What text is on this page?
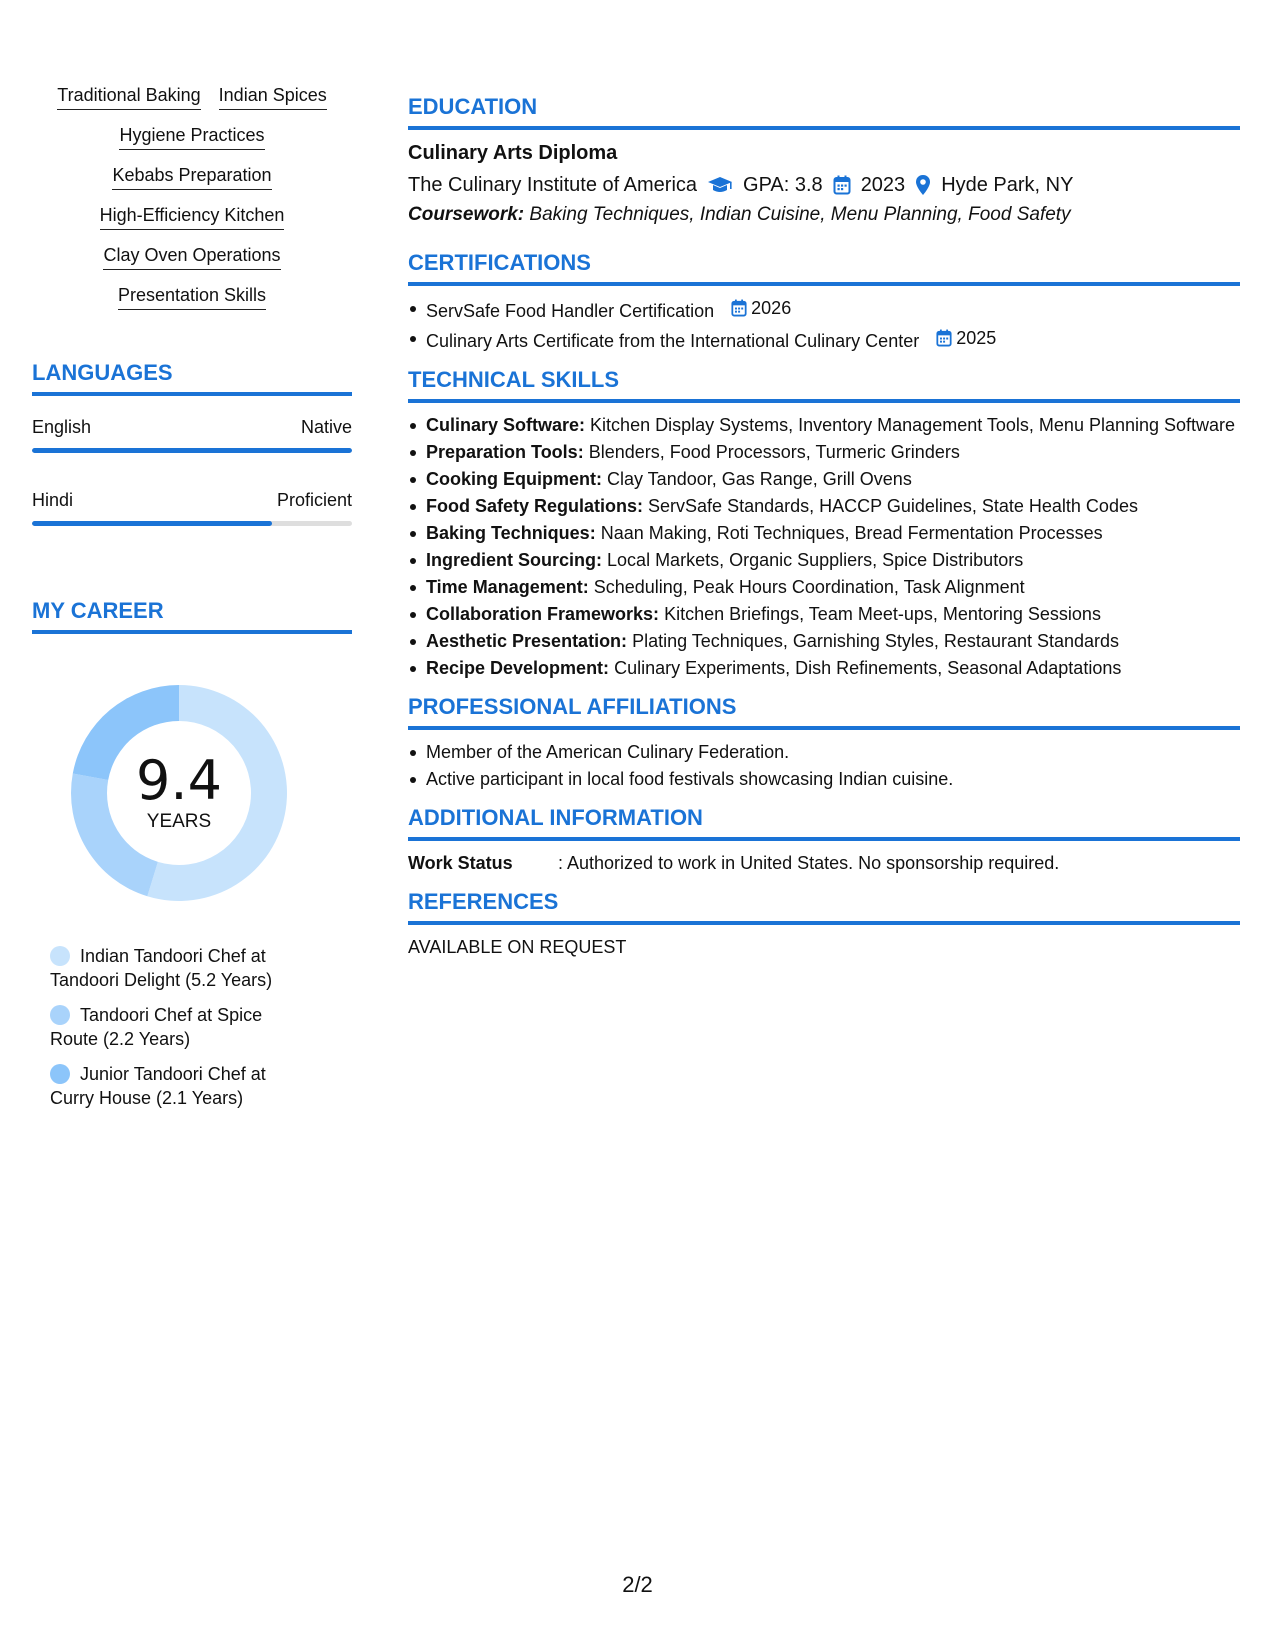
Traditional Baking Indian Spices
Hygiene Practices
Kebabs Preparation
High-Efficiency Kitchen
Clay Oven Operations
Presentation Skills
LANGUAGES
English	Native
Hindi	Proficient
MY CAREER
9.4
YEARS
Indian Tandoori Chef at Tandoori Delight (5.2 Years)
Tandoori Chef at Spice Route (2.2 Years)
Junior Tandoori Chef at Curry House (2.1 Years)
EDUCATION
Culinary Arts Diploma
The Culinary Institute of America GPA: 3.8 2023 Hyde Park, NY
Coursework: Baking Techniques, Indian Cuisine, Menu Planning, Food Safety
CERTIFICATIONS
ServSafe Food Handler Certification 2026
Culinary Arts Certificate from the International Culinary Center 2025
TECHNICAL SKILLS
Culinary Software: Kitchen Display Systems, Inventory Management Tools, Menu Planning Software
Preparation Tools: Blenders, Food Processors, Turmeric Grinders
Cooking Equipment: Clay Tandoor, Gas Range, Grill Ovens
Food Safety Regulations: ServSafe Standards, HACCP Guidelines, State Health Codes
Baking Techniques: Naan Making, Roti Techniques, Bread Fermentation Processes
Ingredient Sourcing: Local Markets, Organic Suppliers, Spice Distributors
Time Management: Scheduling, Peak Hours Coordination, Task Alignment
Collaboration Frameworks: Kitchen Briefings, Team Meet-ups, Mentoring Sessions
Aesthetic Presentation: Plating Techniques, Garnishing Styles, Restaurant Standards
Recipe Development: Culinary Experiments, Dish Refinements, Seasonal Adaptations
PROFESSIONAL AFFILIATIONS
Member of the American Culinary Federation.
Active participant in local food festivals showcasing Indian cuisine.
ADDITIONAL INFORMATION
Work Status	: Authorized to work in United States. No sponsorship required.
REFERENCES
AVAILABLE ON REQUEST
2/2
